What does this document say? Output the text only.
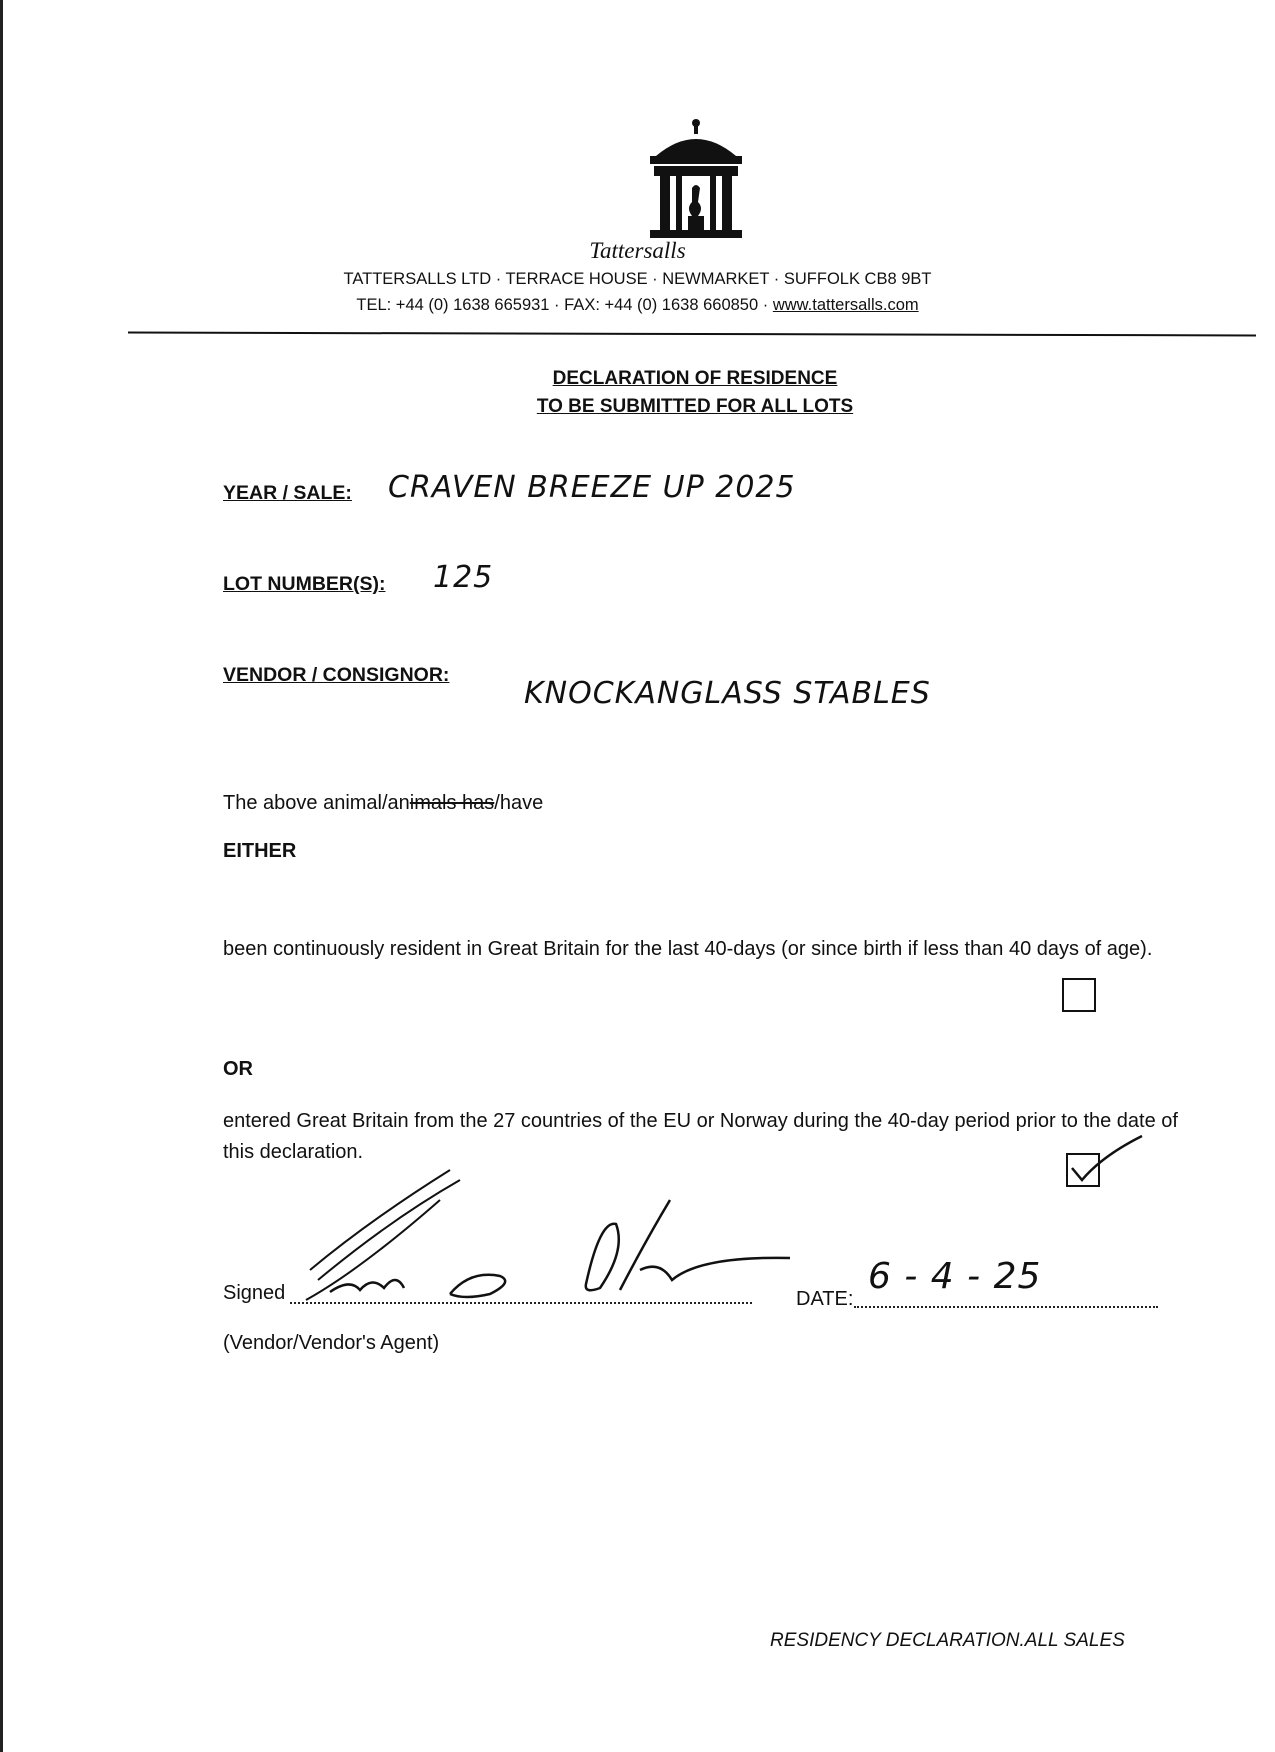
Tattersalls
TATTERSALLS LTD · TERRACE HOUSE · NEWMARKET · SUFFOLK CB8 9BT
TEL: +44 (0) 1638 665931 · FAX: +44 (0) 1638 660850 · www.tattersalls.com
DECLARATION OF RESIDENCE
TO BE SUBMITTED FOR ALL LOTS
YEAR / SALE: CRAVEN BREEZE UP 2025
LOT NUMBER(S): 125
VENDOR / CONSIGNOR:
KNOCKANGLASS STABLES
The above animal/animals has/have
EITHER
been continuously resident in Great Britain for the last 40-days (or since birth if less than 40 days of age).
OR
entered Great Britain from the 27 countries of the EU or Norway during the 40-day period prior to the date of this declaration.
Signed	DATE:
6 - 4 - 25
(Vendor/Vendor's Agent)
RESIDENCY DECLARATION.ALL SALES
